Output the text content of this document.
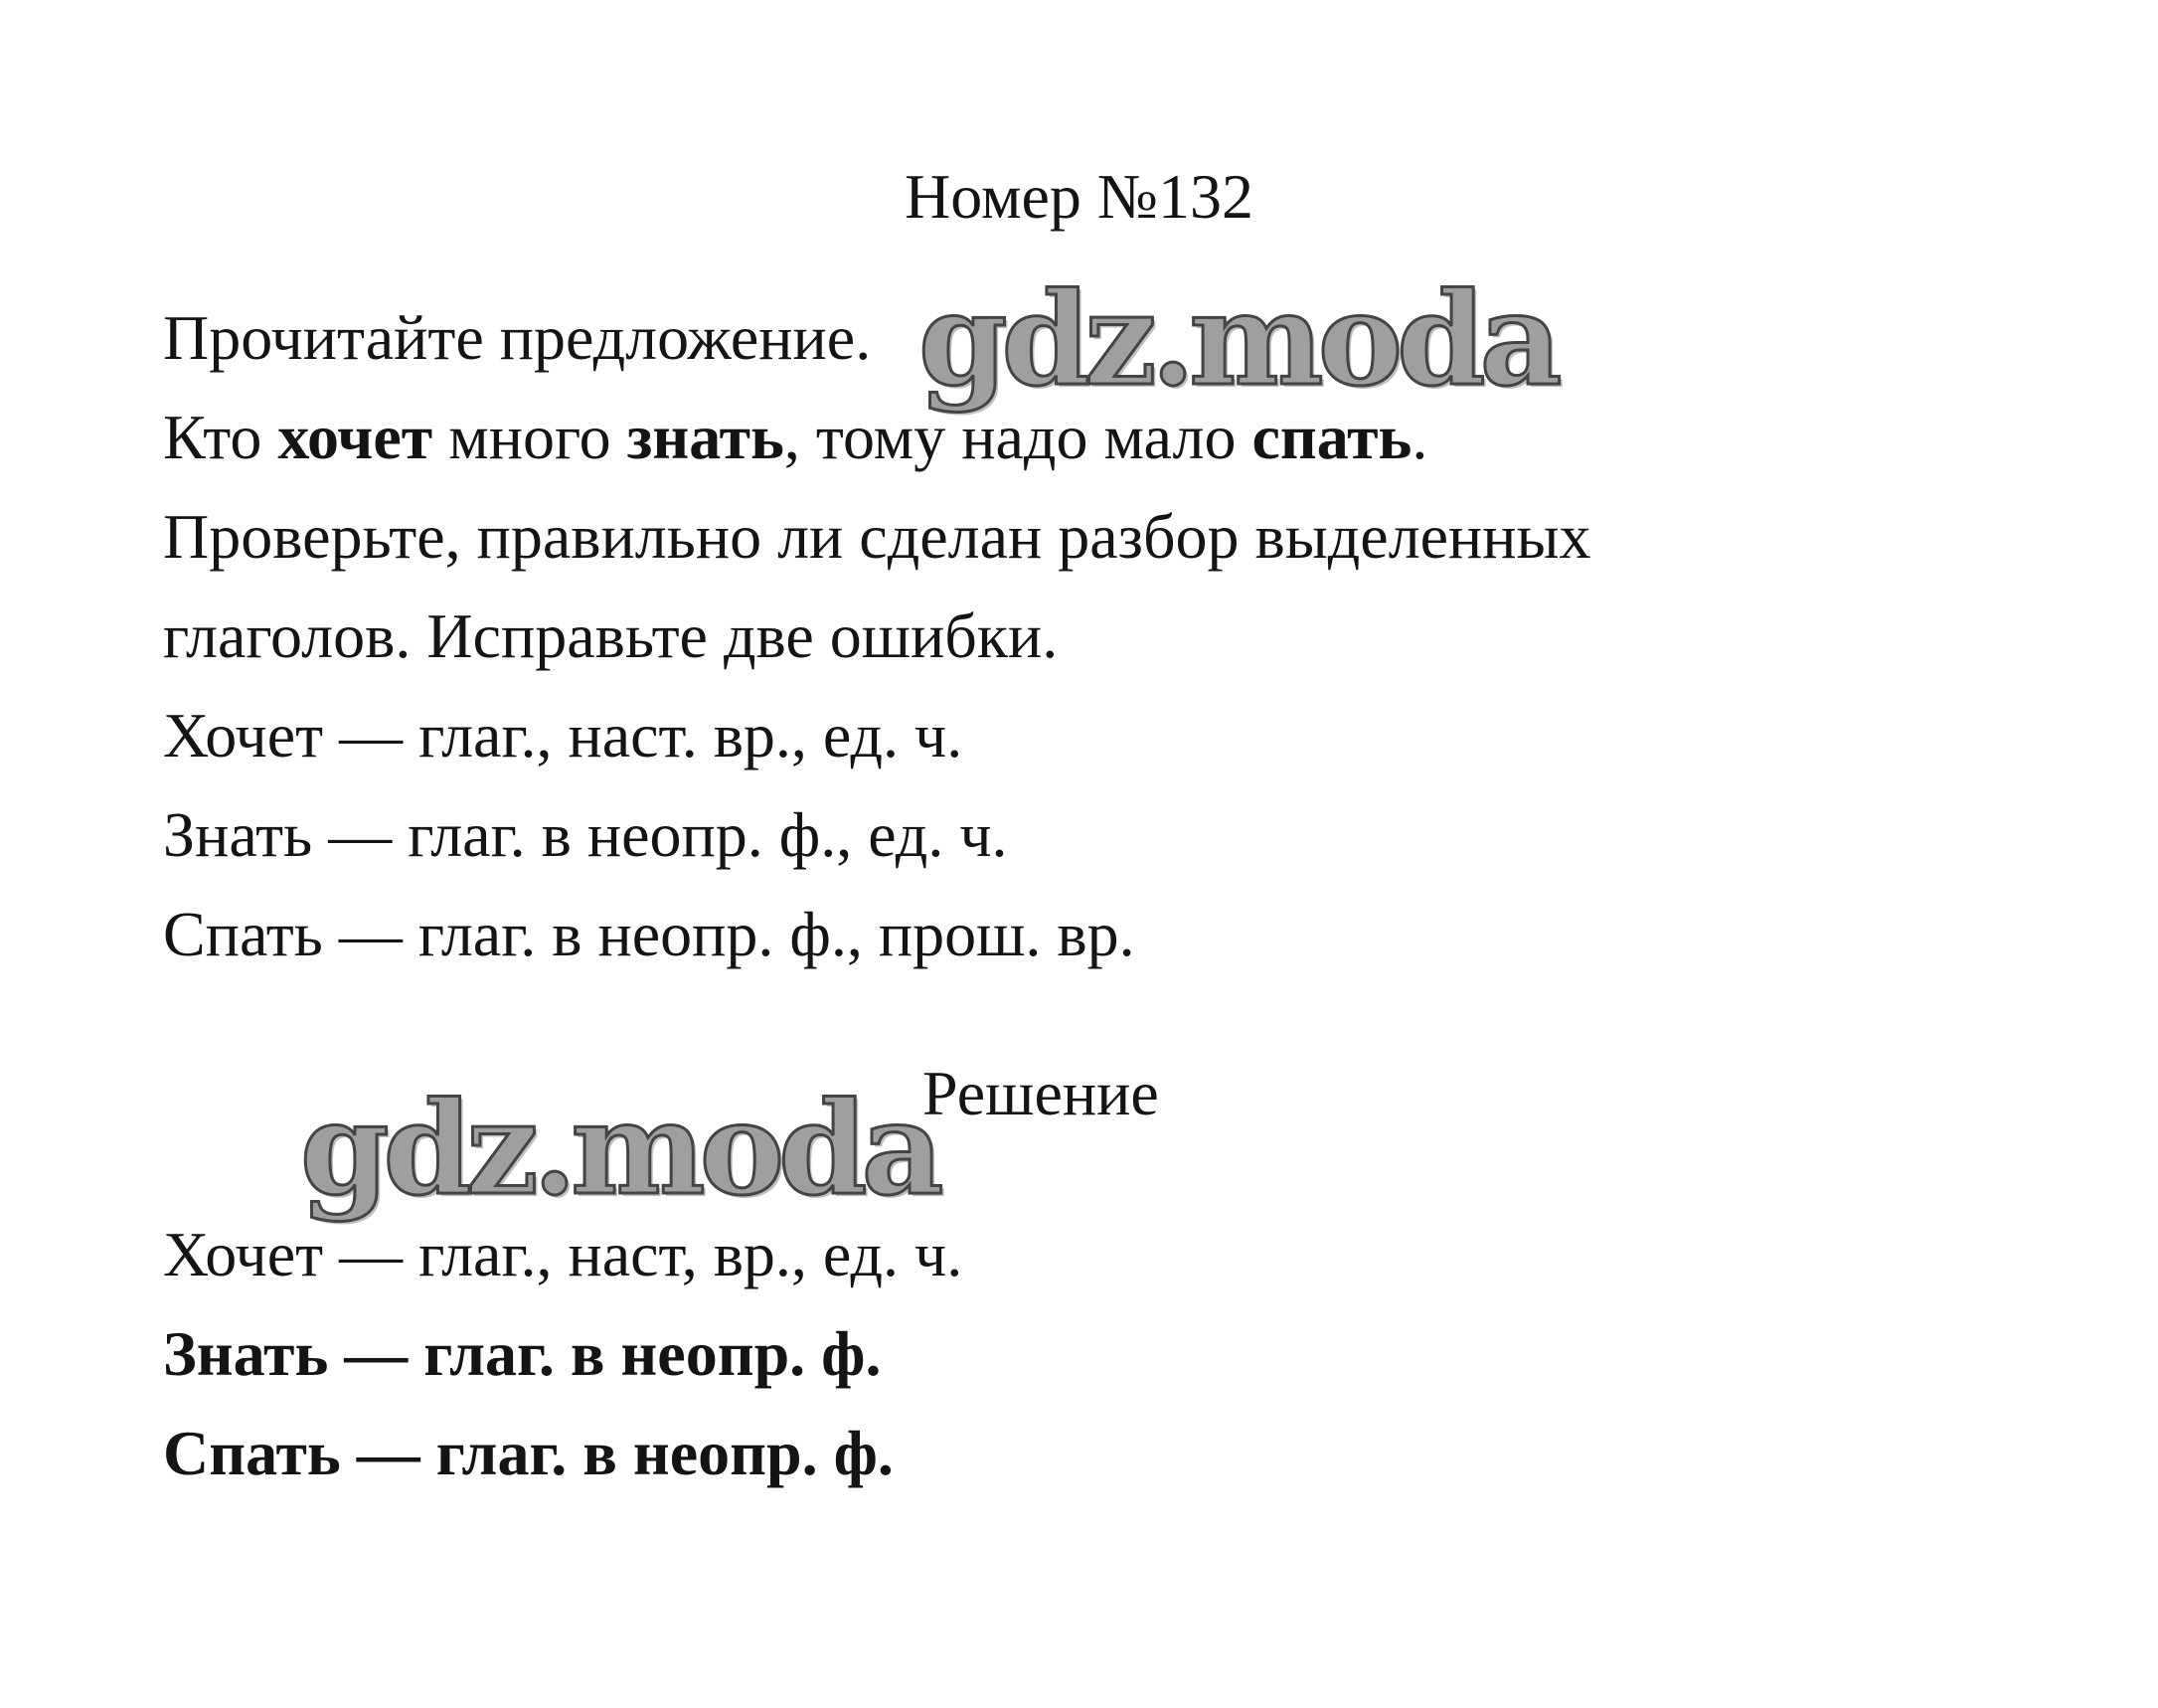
Номер №132
Прочитайте предложение.
Кто хочет много знать, тому надо мало спать.
Проверьте, правильно ли сделан разбор выделенных
глаголов. Исправьте две ошибки.
Хочет — глаг., наст. вр., ед. ч.
Знать — глаг. в неопр. ф., ед. ч.
Спать — глаг. в неопр. ф., прош. вр.
Решение
Хочет — глаг., наст, вр., ед. ч.
Знать — глаг. в неопр. ф.
Спать — глаг. в неопр. ф.
gdz.moda
gdz.moda
